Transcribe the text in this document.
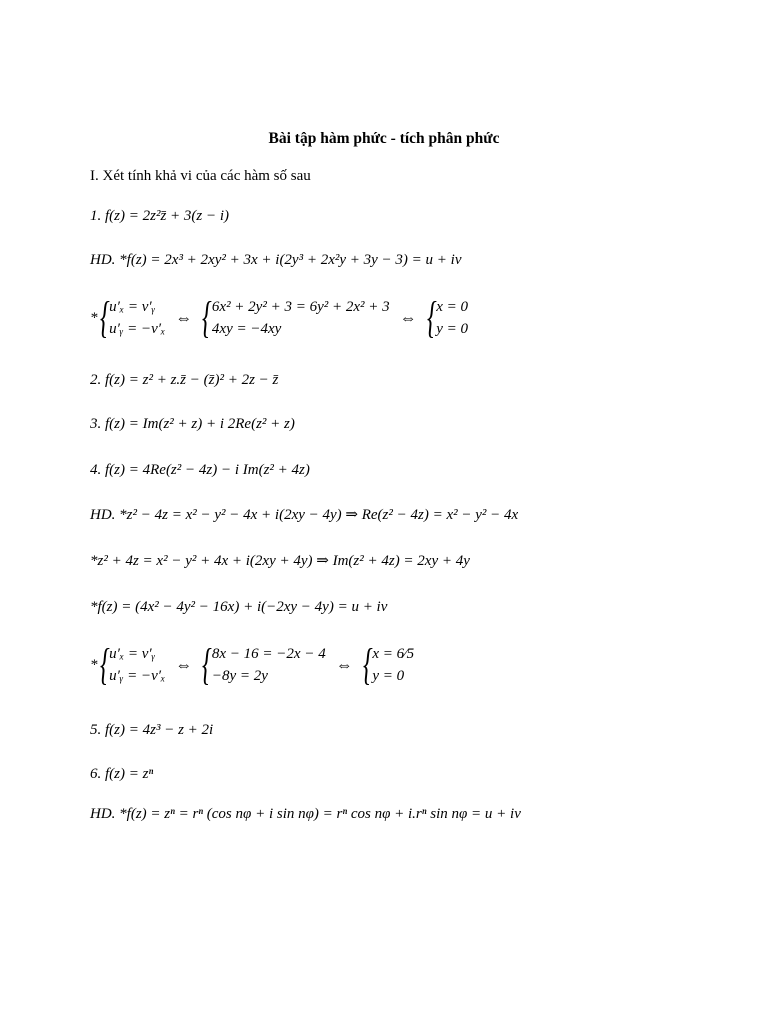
Bài tập hàm phức - tích phân phức
I. Xét tính khả vi của các hàm số sau
1. f(z) = 2z²z̄ + 3(z − i)
HD. *f(z) = 2x³ + 2xy² + 3x + i(2y³ + 2x²y + 3y − 3) = u + iv
* { u′ₓ = v′ᵧ
u′ᵧ = −v′ₓ
⇔ { 6x² + 2y² + 3 = 6y² + 2x² + 3
4xy = −4xy
⇔ { x = 0
y = 0
2. f(z) = z² + z.z̄ − (z̄)² + 2z − z̄
3. f(z) = Im(z² + z) + i 2Re(z² + z)
4. f(z) = 4Re(z² − 4z) − i Im(z² + 4z)
HD. *z² − 4z = x² − y² − 4x + i(2xy − 4y) ⇒ Re(z² − 4z) = x² − y² − 4x
*z² + 4z = x² − y² + 4x + i(2xy + 4y) ⇒ Im(z² + 4z) = 2xy + 4y
*f(z) = (4x² − 4y² − 16x) + i(−2xy − 4y) = u + iv
* { u′ₓ = v′ᵧ
u′ᵧ = −v′ₓ
⇔ { 8x − 16 = −2x − 4
−8y = 2y
⇔ { x = 6⁄5
y = 0
5. f(z) = 4z³ − z + 2i
6. f(z) = zⁿ
HD. *f(z) = zⁿ = rⁿ (cos nφ + i sin nφ) = rⁿ cos nφ + i.rⁿ sin nφ = u + iv
